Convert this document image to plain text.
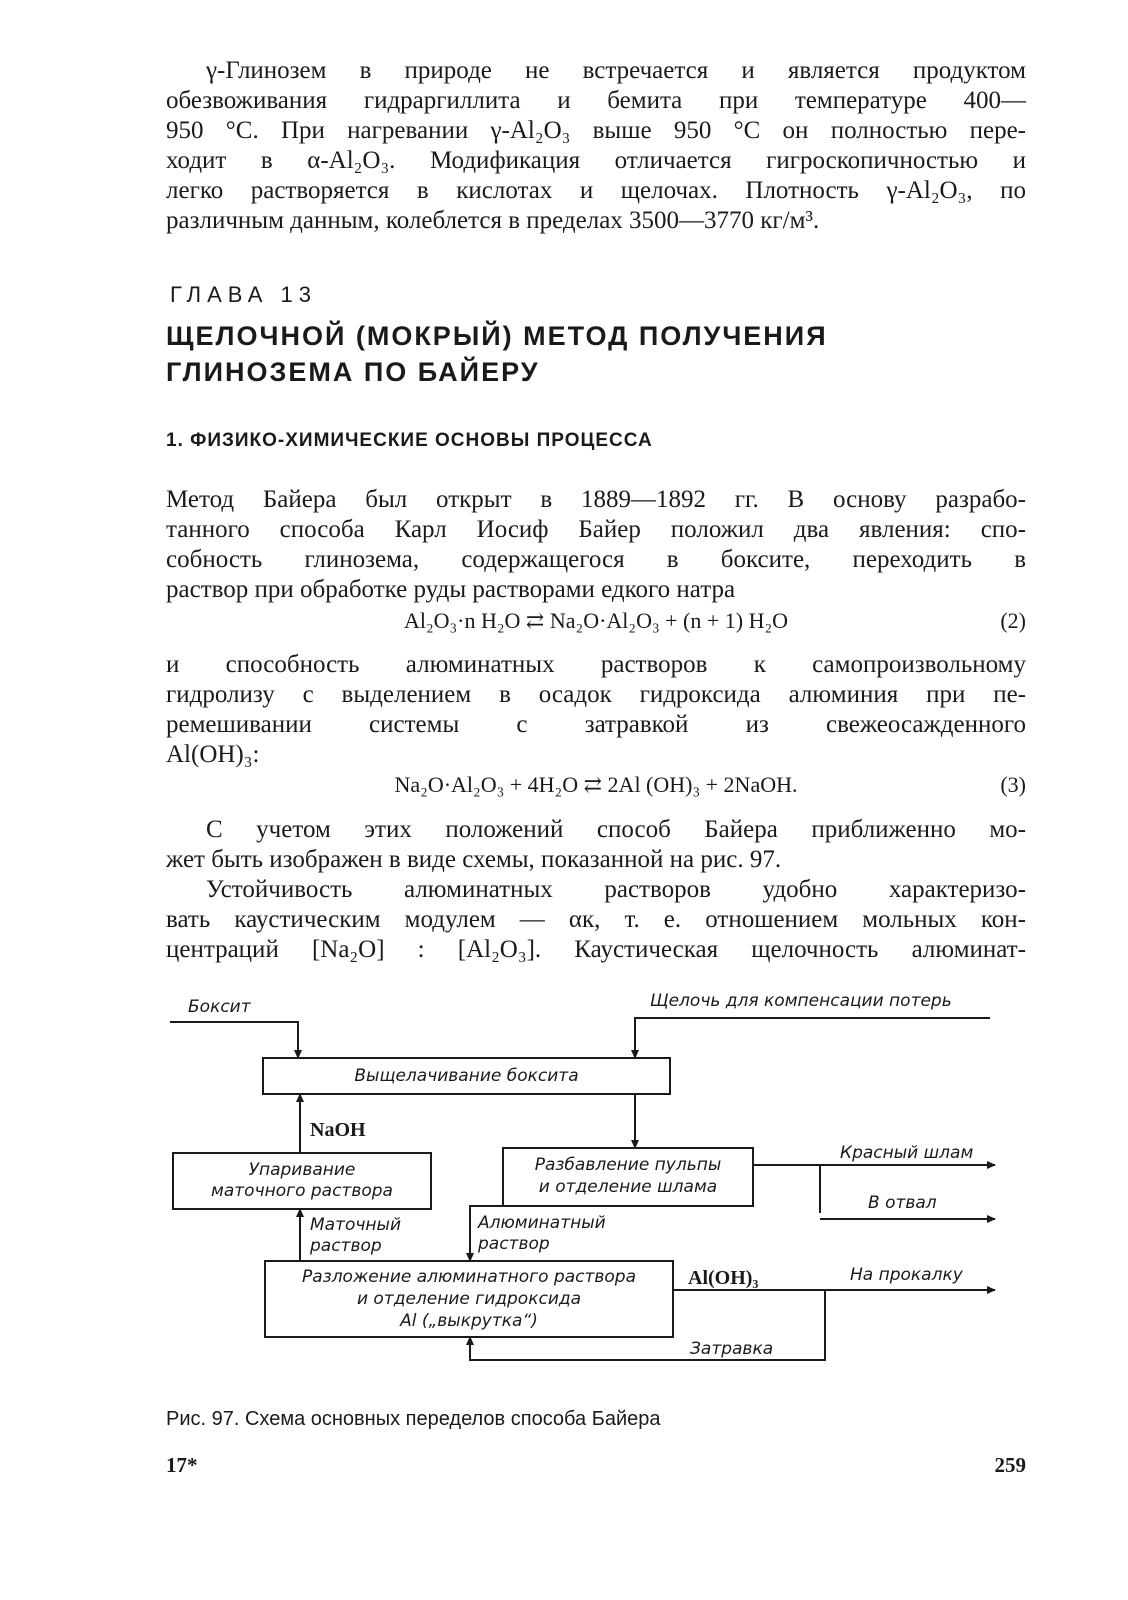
γ-Глинозем в природе не встречается и является продуктом
обезвоживания гидраргиллита и бемита при температуре 400—
950 °С. При нагревании γ-Al₂O₃ выше 950 °С он полностью пере-
ходит в α-Al₂O₃. Модификация отличается гигроскопичностью и
легко растворяется в кислотах и щелочах. Плотность γ-Al₂O₃, по
различным данным, колеблется в пределах 3500—3770 кг/м³.

ГЛАВА 13
ЩЕЛОЧНОЙ (МОКРЫЙ) МЕТОД ПОЛУЧЕНИЯ
ГЛИНОЗЕМА ПО БАЙЕРУ
1. ФИЗИКО-ХИМИЧЕСКИЕ ОСНОВЫ ПРОЦЕССА

Метод Байера был открыт в 1889—1892 гг. В основу разрабо-
танного способа Карл Иосиф Байер положил два явления: спо-
собность глинозема, содержащегося в боксите, переходить в
раствор при обработке руды растворами едкого натра

Al₂O₃·n H₂O ⇄ Na₂O·Al₂O₃ + (n + 1) H₂O	(2)

и способность алюминатных растворов к самопроизвольному
гидролизу с выделением в осадок гидроксида алюминия при пе-
ремешивании системы с затравкой из свежеосажденного
Al(OH)₃:

Na₂O·Al₂O₃ + 4H₂O ⇄ 2Al (OH)₃ + 2NaOH.	(3)

С учетом этих положений способ Байера приближенно мо-
жет быть изображен в виде схемы, показанной на рис. 97.

Устойчивость алюминатных растворов удобно характеризо-
вать каустическим модулем — αк, т. е. отношением мольных кон-
центраций [Na₂O] : [Al₂O₃]. Каустическая щелочность алюминат-

Боксит	Щелочь для компенсации потерь
Выщелачивание боксита
NaOH
Упаривание
маточного раствора
Разбавление пульпы
и отделение шлама
Красный шлам
В отвал
Маточный
раствор
Алюминатный
раствор
Разложение алюминатного раствора
и отделение гидроксида
Al („выкрутка“)
Al(OH)₃	На прокалку
Затравка
Рис. 97. Схема основных переделов способа Байера
17*	259
